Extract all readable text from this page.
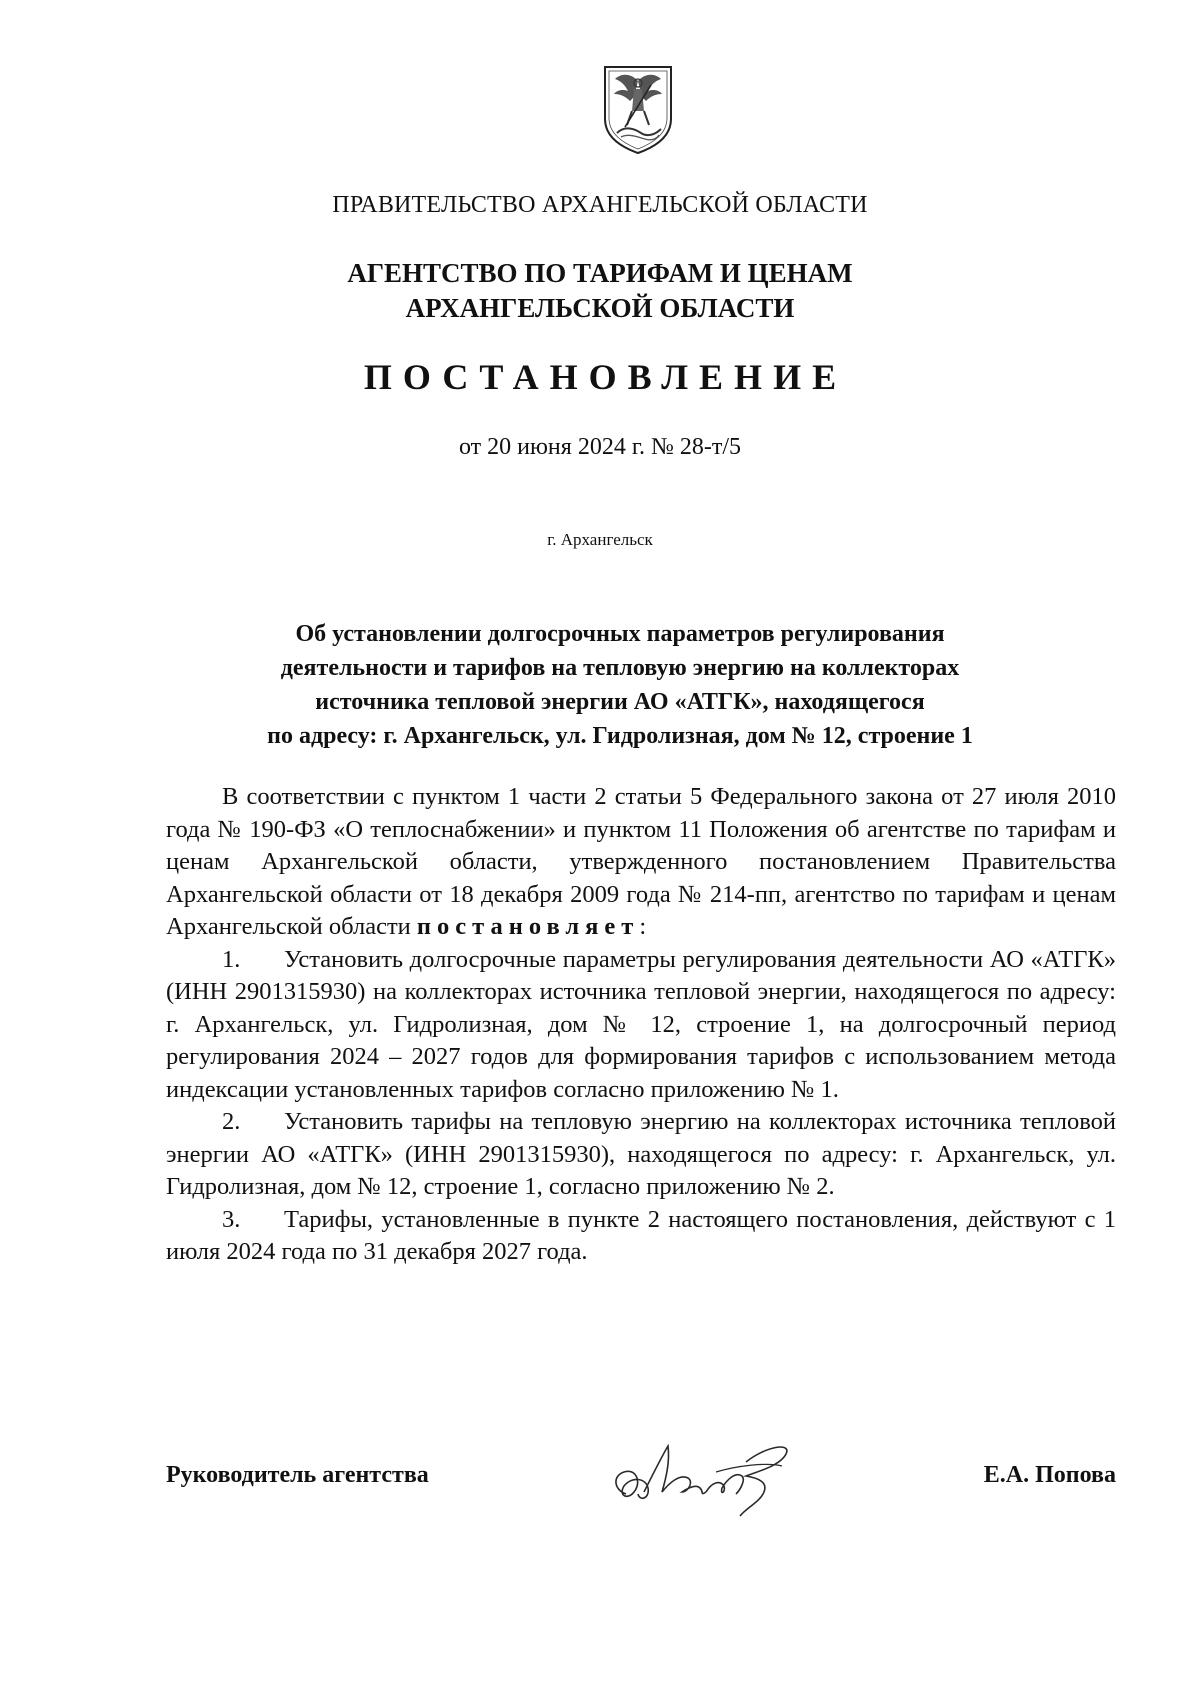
ПРАВИТЕЛЬСТВО АРХАНГЕЛЬСКОЙ ОБЛАСТИ
АГЕНТСТВО ПО ТАРИФАМ И ЦЕНАМ
АРХАНГЕЛЬСКОЙ ОБЛАСТИ
ПОСТАНОВЛЕНИЕ
от 20 июня 2024 г. № 28-т/5
г. Архангельск
Об установлении долгосрочных параметров регулирования
деятельности и тарифов на тепловую энергию на коллекторах
источника тепловой энергии АО «АТГК», находящегося
по адресу: г. Архангельск, ул. Гидролизная, дом № 12, строение 1

В соответствии с пунктом 1 части 2 статьи 5 Федерального закона от 27 июля 2010 года № 190-ФЗ «О теплоснабжении» и пунктом 11 Положения об агентстве по тарифам и ценам Архангельской области, утвержденного постановлением Правительства Архангельской области от 18 декабря 2009 года № 214-пп, агентство по тарифам и ценам Архангельской области постановляет:

1. Установить долгосрочные параметры регулирования деятельности АО «АТГК» (ИНН 2901315930) на коллекторах источника тепловой энергии, находящегося по адресу: г. Архангельск, ул. Гидролизная, дом № 12, строение 1, на долгосрочный период регулирования 2024 – 2027 годов для формирования тарифов с использованием метода индексации установленных тарифов согласно приложению № 1.

2. Установить тарифы на тепловую энергию на коллекторах источника тепловой энергии АО «АТГК» (ИНН 2901315930), находящегося по адресу: г. Архангельск, ул. Гидролизная, дом № 12, строение 1, согласно приложению № 2.

3. Тарифы, установленные в пункте 2 настоящего постановления, действуют с 1 июля 2024 года по 31 декабря 2027 года.

Руководитель агентства	Е.А. Попова
